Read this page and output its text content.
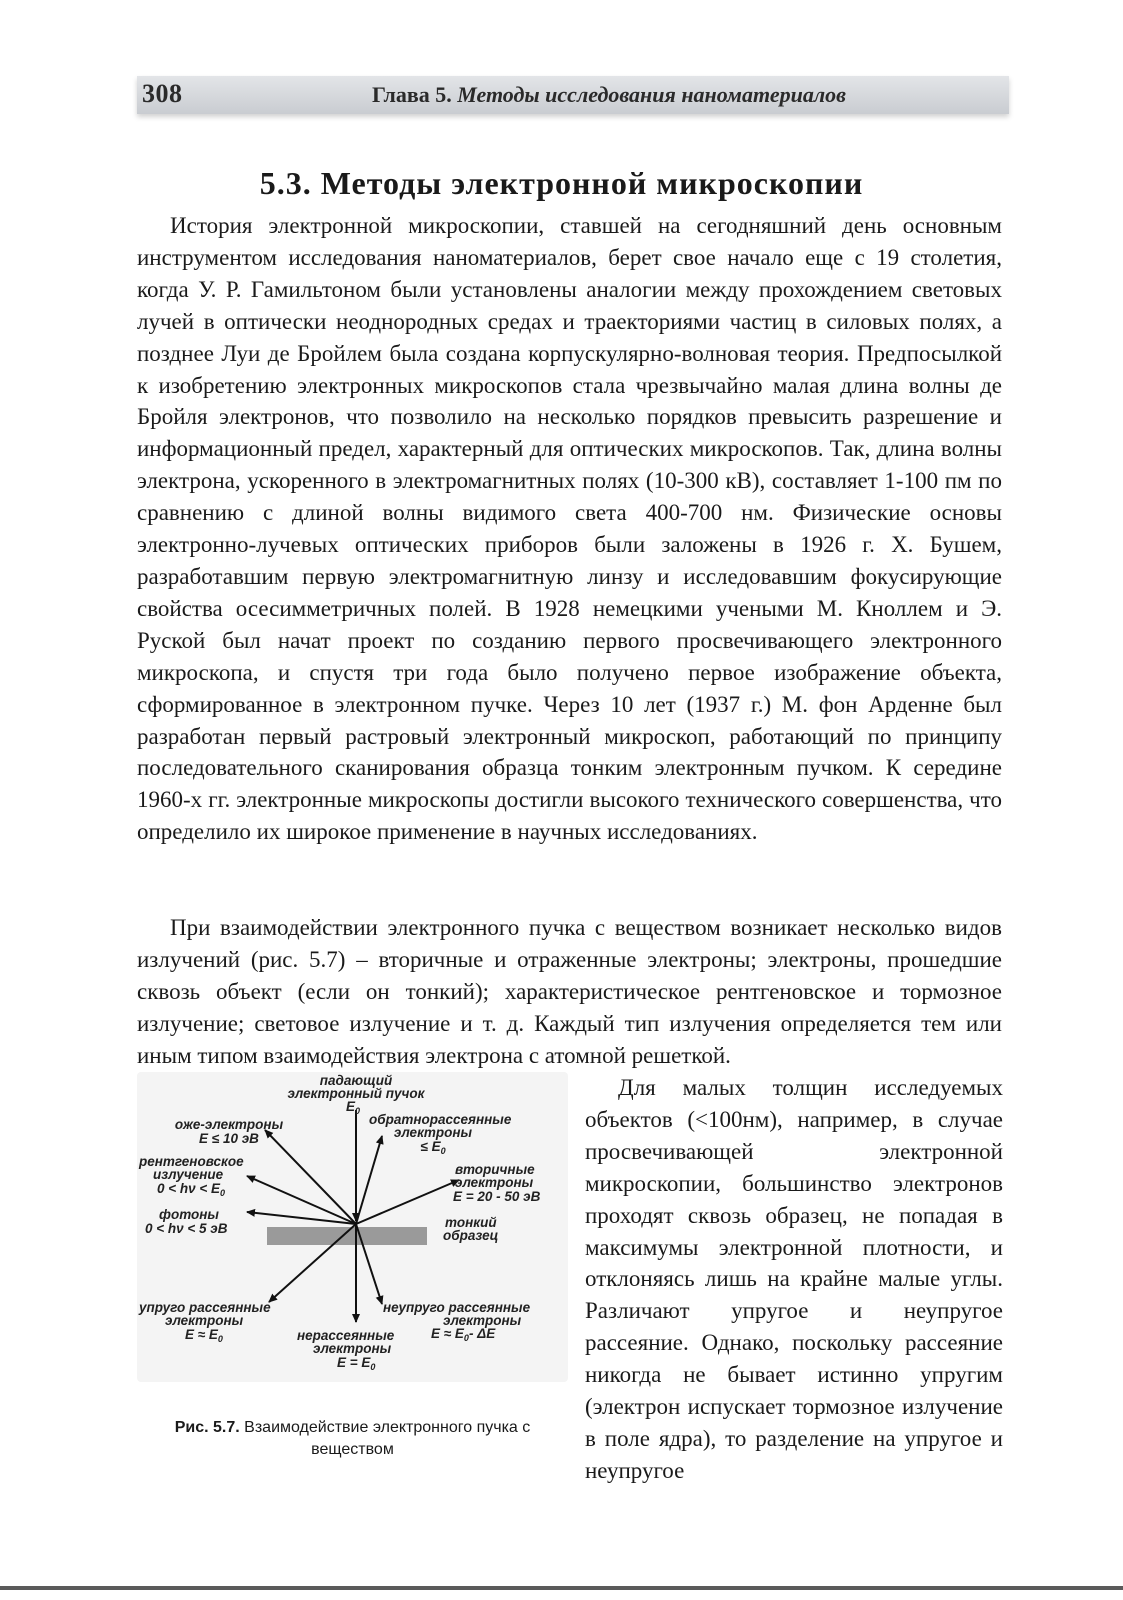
308	Глава 5. Методы исследования наноматериалов
5.3. Методы электронной микроскопии

История электронной микроскопии, ставшей на сегодняшний день основным инструментом исследования наноматериалов, берет свое начало еще с 19 столетия, когда У. Р. Гамильтоном были установлены аналогии между прохождением световых лучей в оптически неоднородных средах и траекториями частиц в силовых полях, а позднее Луи де Бройлем была создана корпускулярно-волновая теория. Предпосылкой к изобретению электронных микроскопов стала чрезвычайно малая длина волны де Бройля электронов, что позволило на несколько порядков превысить разрешение и информационный предел, характерный для оптических микроскопов. Так, длина волны электрона, ускоренного в электромагнитных полях (10-300 кВ), составляет 1-100 пм по сравнению с длиной волны видимого света 400-700 нм. Физические основы электронно-лучевых оптических приборов были заложены в 1926 г. Х. Бушем, разработавшим первую электромагнитную линзу и исследовавшим фокусирующие свойства осесимметричных полей. В 1928 немецкими учеными М. Кноллем и Э. Руской был начат проект по созданию первого просвечивающего электронного микроскопа, и спустя три года было получено первое изображение объекта, сформированное в электронном пучке. Через 10 лет (1937 г.) М. фон Арденне был разработан первый растровый электронный микроскоп, работающий по принципу последовательного сканирования образца тонким электронным пучком. К середине 1960-х гг. электронные микроскопы достигли высокого технического совершенства, что определило их широкое применение в научных исследованиях.

При взаимодействии электронного пучка с веществом возникает несколько видов излучений (рис. 5.7) – вторичные и отраженные электроны; электроны, прошедшие сквозь объект (если он тонкий); характеристическое рентгеновское и тормозное излучение; световое излучение и т. д. Каждый тип излучения определяется тем или иным типом взаимодействия электрона с атомной решеткой.

падающий
электронный пучок
$E_0$
оже-электроны
E ≤ 10 эВ
обратнорассеянные
электроны
≤ $E_0$
рентгеновское
излучение
$0 < h\nu < E_0$
вторичные
электроны
E = 20 - 50 эВ
фотоны
0 < hν < 5 эВ	тонкий
образец
упруго рассеянные
электроны
$E \approx E_0$
неупруго рассеянные
электроны
$E \approx E_0-$ ΔE
нерассеянные
электроны
$E = E_0$
Рис. 5.7. Взаимодействие электронного пучка с веществом

Для малых толщин исследуемых объектов (<100нм), например, в случае просвечивающей электронной микроскопии, большинство электронов проходят сквозь образец, не попадая в максимумы электронной плотности, и отклоняясь лишь на крайне малые углы. Различают упругое и неупругое рассеяние. Однако, поскольку рассеяние никогда не бывает истинно упругим (электрон испускает тормозное излучение в поле ядра), то разделение на упругое и неупругое
